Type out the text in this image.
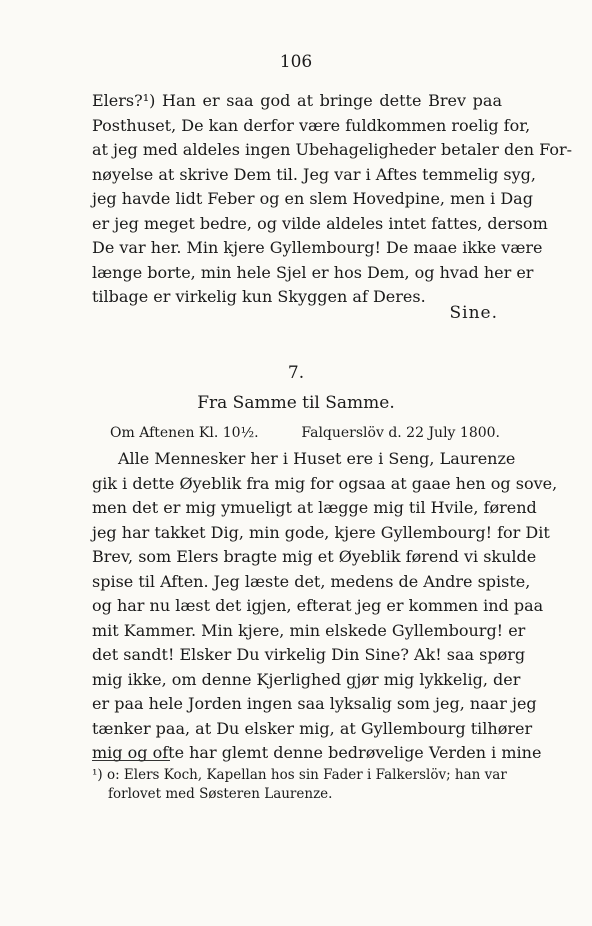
106
Elers?¹) Han er saa god at bringe dette Brev paa
Posthuset, De kan derfor være fuldkommen roelig for,
at jeg med aldeles ingen Ubehageligheder betaler den For-
nøyelse at skrive Dem til. Jeg var i Aftes temmelig syg,
jeg havde lidt Feber og en slem Hovedpine, men i Dag
er jeg meget bedre, og vilde aldeles intet fattes, dersom
De var her. Min kjere Gyllembourg! De maae ikke være
længe borte, min hele Sjel er hos Dem, og hvad her er
tilbage er virkelig kun Skyggen af Deres.
Sine.
7.
Fra Samme til Samme.
Om Aftenen Kl. 10½.	Falquerslöv d. 22 July 1800.
Alle Mennesker her i Huset ere i Seng, Laurenze
gik i dette Øyeblik fra mig for ogsaa at gaae hen og sove,
men det er mig ymueligt at lægge mig til Hvile, førend
jeg har takket Dig, min gode, kjere Gyllembourg! for Dit
Brev, som Elers bragte mig et Øyeblik førend vi skulde
spise til Aften. Jeg læste det, medens de Andre spiste,
og har nu læst det igjen, efterat jeg er kommen ind paa
mit Kammer. Min kjere, min elskede Gyllembourg! er
det sandt! Elsker Du virkelig Din Sine? Ak! saa spørg
mig ikke, om denne Kjerlighed gjør mig lykkelig, der
er paa hele Jorden ingen saa lyksalig som jeg, naar jeg
tænker paa, at Du elsker mig, at Gyllembourg tilhører
mig og ofte har glemt denne bedrøvelige Verden i mine
¹) o: Elers Koch, Kapellan hos sin Fader i Falkerslöv; han var
forlovet med Søsteren Laurenze.
